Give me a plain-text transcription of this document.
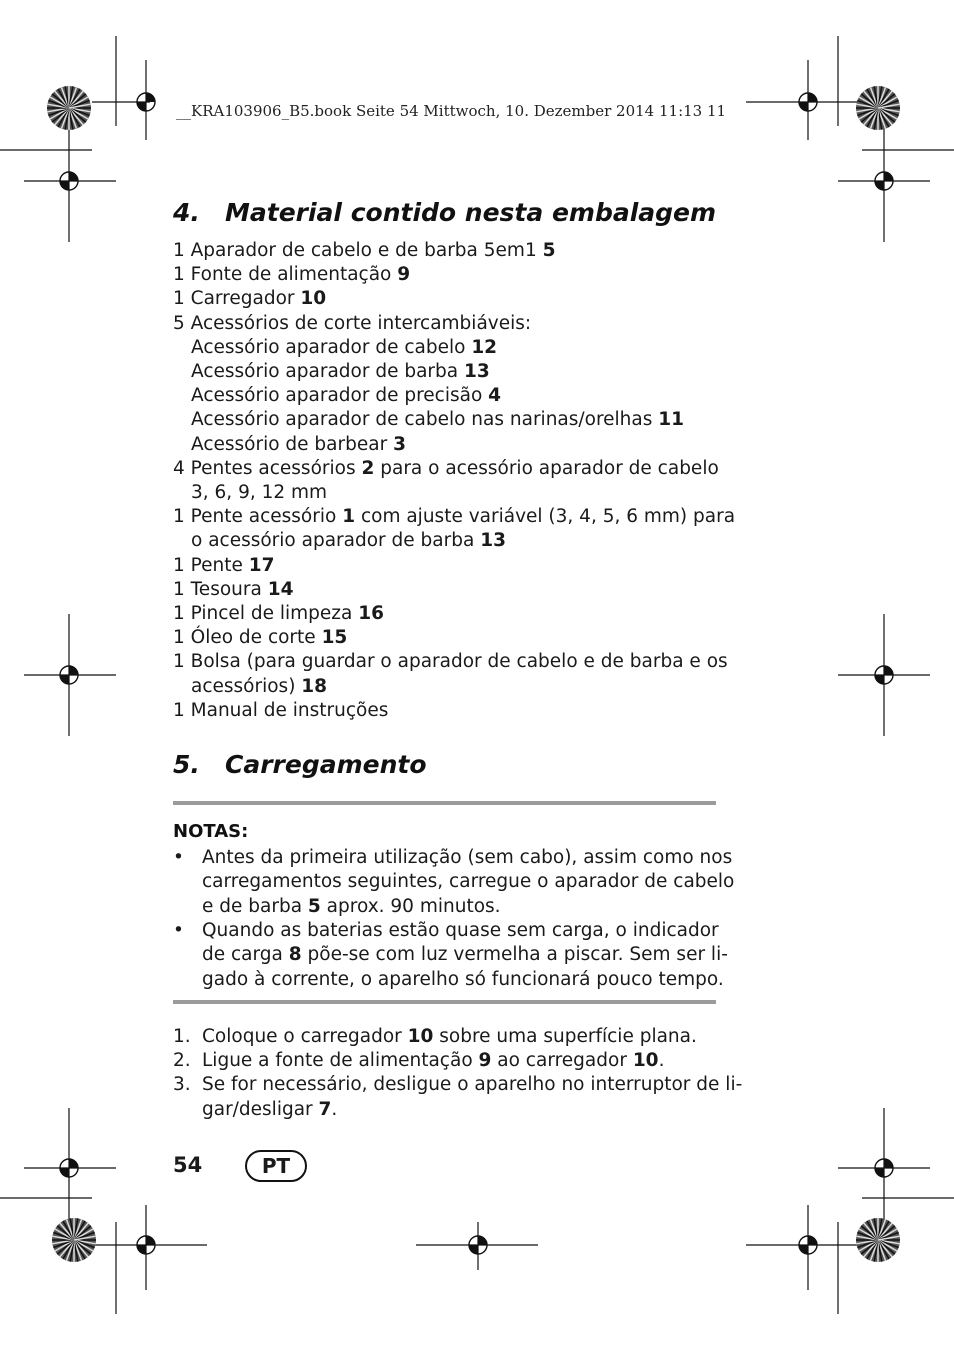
__KRA103906_B5.book Seite 54 Mittwoch, 10. Dezember 2014 11:13 11
4. Material contido nesta embalagem
1 Aparador de cabelo e de barba 5em1 5
1 Fonte de alimentação 9
1 Carregador 10
5 Acessórios de corte intercambiáveis:
Acessório aparador de cabelo 12
Acessório aparador de barba 13
Acessório aparador de precisão 4
Acessório aparador de cabelo nas narinas/orelhas 11
Acessório de barbear 3
4 Pentes acessórios 2 para o acessório aparador de cabelo
3, 6, 9, 12 mm
1 Pente acessório 1 com ajuste variável (3, 4, 5, 6 mm) para
o acessório aparador de barba 13
1 Pente 17
1 Tesoura 14
1 Pincel de limpeza 16
1 Óleo de corte 15
1 Bolsa (para guardar o aparador de cabelo e de barba e os
acessórios) 18
1 Manual de instruções
5. Carregamento
NOTAS:
• Antes da primeira utilização (sem cabo), assim como nos
carregamentos seguintes, carregue o aparador de cabelo
e de barba 5 aprox. 90 minutos.
• Quando as baterias estão quase sem carga, o indicador
de carga 8 põe-se com luz vermelha a piscar. Sem ser li-
gado à corrente, o aparelho só funcionará pouco tempo.
1. Coloque o carregador 10 sobre uma superfície plana.
2. Ligue a fonte de alimentação 9 ao carregador 10.
3. Se for necessário, desligue o aparelho no interruptor de li-
gar/desligar 7.
54	PT
